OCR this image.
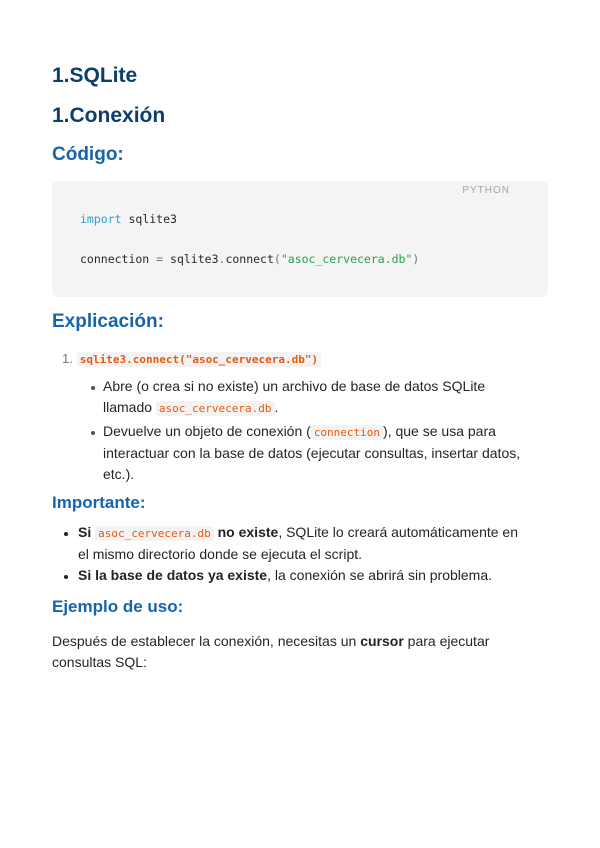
1.SQLite
1.Conexión
Código:
PYTHON
import sqlite3
connection = sqlite3.connect("asoc_cervecera.db")
Explicación:
1. sqlite3.connect("asoc_cervecera.db")
Abre (o crea si no existe) un archivo de base de datos SQLite
llamado asoc_cervecera.db .
Devuelve un objeto de conexión ( connection ), que se usa para
interactuar con la base de datos (ejecutar consultas, insertar datos,
etc.).
Importante:
Si asoc_cervecera.db no existe, SQLite lo creará automáticamente en
el mismo directorio donde se ejecuta el script.
Si la base de datos ya existe, la conexión se abrirá sin problema.
Ejemplo de uso:
Después de establecer la conexión, necesitas un cursor para ejecutar
consultas SQL:
